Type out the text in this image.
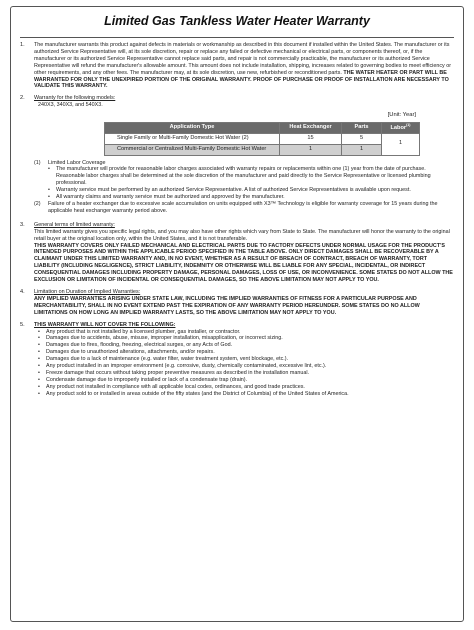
Limited Gas Tankless Water Heater Warranty
1.	The manufacturer warrants this product against defects in materials or workmanship as described in this document if installed within the United States. The manufacturer or its authorized Service Representative will, at its sole discretion, repair or replace any failed or defective mechanical or electrical parts, or components thereof, or, if the manufacturer or its authorized Service Representative cannot replace said parts, and repair is not commercially practicable, the manufacturer or its authorized Service Representative will refund the manufacturer's allowable amount. This amount does not include installation, shipping, increases related to governing bodies to meet efficiency or other requirements, and any other fees. The manufacturer may, at its sole discretion, use new, refurbished or reconditioned parts. THE WATER HEATER OR PART WILL BE WARRANTED FOR ONLY THE UNEXPIRED PORTION OF THE ORIGINAL WARRANTY. PROOF OF PURCHASE OR PROOF OF INSTALLATION ARE NECESSARY TO VALIDATE THIS WARRANTY.

2.	Warranty for the following models:

240X3, 340X3, and 540X3.

[Unit: Year]

Application Type	Heat Exchanger	Parts	Labor$^{(1)}$
Single Family or Multi-Family Domestic Hot Water (2)	15	5	1
Commercial or Centralized Multi-Family Domestic Hot Water	1	1	
(1)	Limited Labor Coverage

• The manufacturer will provide for reasonable labor charges associated with warranty repairs or replacements within one (1) year from the date of purchase. Reasonable labor charges shall be determined at the sole discretion of the manufacturer and paid directly to the Service Representative or licensed plumbing professional.
• Warranty service must be performed by an authorized Service Representative. A list of authorized Service Representatives is available upon request.
• All warranty claims and warranty service must be authorized and approved by the manufacturer.
(2)	Failure of a heater exchanger due to excessive scale accumulation on units equipped with X3™ Technology is eligible for warranty coverage for 15 years during the applicable heat exchanger warranty period above.

3.	General terms of limited warranty:

This limited warranty gives you specific legal rights, and you may also have other rights which vary from State to State. The manufacturer will honor the warranty to the original retail buyer at the original location only, within the United States, and it is not transferable.

THIS WARRANTY COVERS ONLY FAILED MECHANICAL AND ELECTRICAL PARTS DUE TO FACTORY DEFECTS UNDER NORMAL USAGE FOR THE PRODUCT'S INTENDED PURPOSES AND WITHIN THE APPLICABLE PERIOD SPECIFIED IN THE TABLE ABOVE. ONLY DIRECT DAMAGES SHALL BE RECOVERABLE BY A CLAIMANT UNDER THIS LIMITED WARRANTY AND, IN NO EVENT, WHETHER AS A RESULT OF BREACH OF CONTRACT, BREACH OF WARRANTY, TORT LIABILITY (INCLUDING NEGLIGENCE), STRICT LIABILITY, INDEMNITY OR OTHERWISE WILL BE LIABLE FOR ANY SPECIAL, INCIDENTAL, OR INDIRECT CONSEQUENTIAL DAMAGES INCLUDING PROPERTY DAMAGE, PERSONAL DAMAGES, LOSS OF USE, OR INCONVENIENCE. SOME STATES DO NOT ALLOW THE EXCLUSION OR LIMITATION OF INCIDENTAL OR CONSEQUENTIAL DAMAGES, SO THE ABOVE LIMITATION MAY NOT APPLY TO YOU.

4.	Limitation on Duration of Implied Warranties:

ANY IMPLIED WARRANTIES ARISING UNDER STATE LAW, INCLUDING THE IMPLIED WARRANTIES OF FITNESS FOR A PARTICULAR PURPOSE AND MERCHANTABILITY, SHALL IN NO EVENT EXTEND PAST THE EXPIRATION OF ANY WARRANTY PERIOD HEREUNDER. SOME STATES DO NO ALLOW LIMITATIONS ON HOW LONG AN IMPLIED WARRANTY LASTS, SO THE ABOVE LIMITATION MAY NOT APPLY TO YOU.

5.	THIS WARRANTY WILL NOT COVER THE FOLLOWING:

• Any product that is not installed by a licensed plumber, gas installer, or contractor.
• Damages due to accidents, abuse, misuse, improper installation, misapplication, or incorrect sizing.
• Damages due to fires, flooding, freezing, electrical surges, or any Acts of God.
• Damages due to unauthorized alterations, attachments, and/or repairs.
• Damages due to a lack of maintenance (e.g. water filter, water treatment system, vent blockage, etc.).
• Any product installed in an improper environment (e.g. corrosive, dusty, chemically contaminated, excessive lint, etc.).
• Freeze damage that occurs without taking proper preventive measures as described in the installation manual.
• Condensate damage due to improperly installed or lack of a condensate trap (drain).
• Any product not installed in compliance with all applicable local codes, ordinances, and good trade practices.
• Any product sold to or installed in areas outside of the fifty states (and the District of Columbia) of the United States of America.
